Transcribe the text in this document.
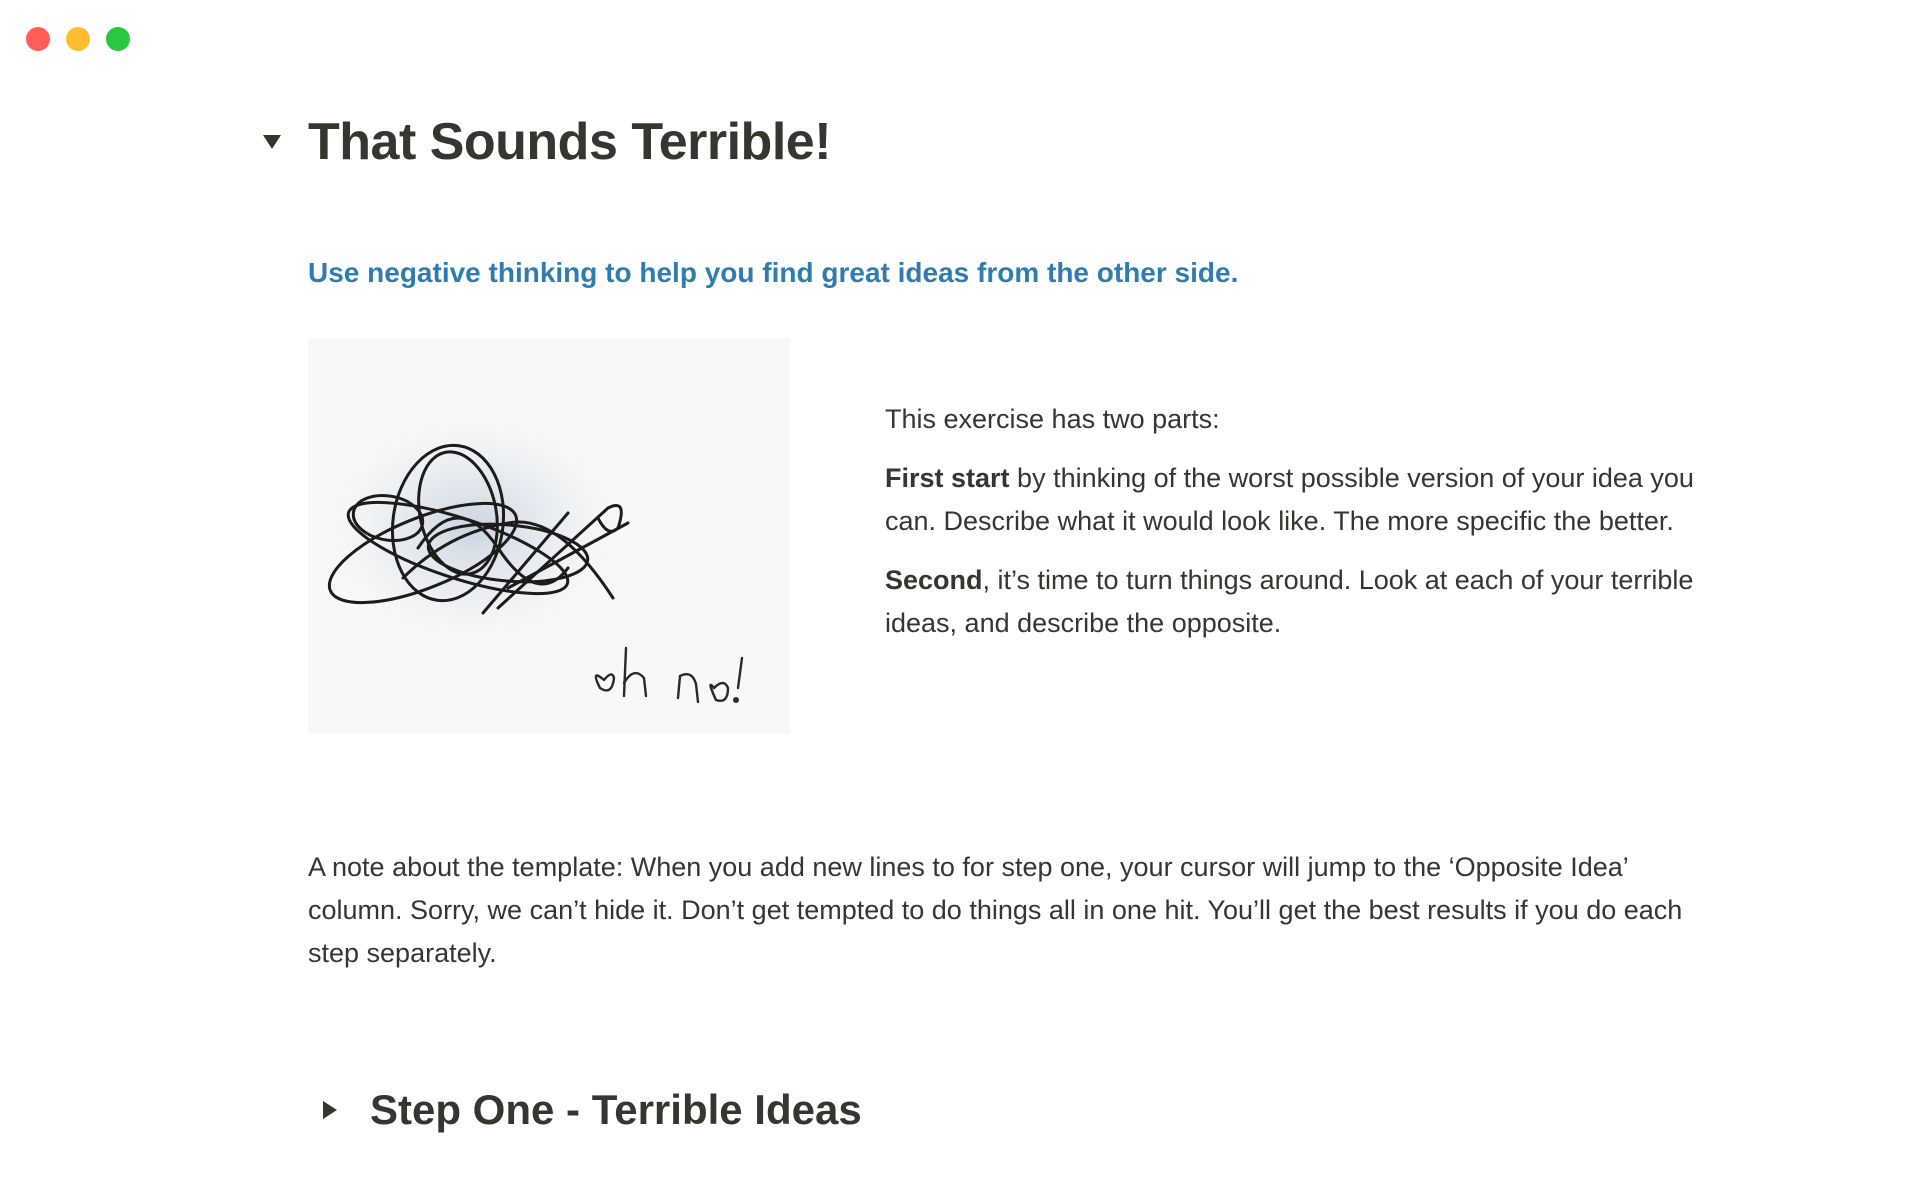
That Sounds Terrible!
Use negative thinking to help you find great ideas from the other side.

This exercise has two parts:

First start by thinking of the worst possible version of your idea you can. Describe what it would look like. The more specific the better.

Second, it’s time to turn things around. Look at each of your terrible ideas, and describe the opposite.

A note about the template: When you add new lines to for step one, your cursor will jump to the ‘Opposite Idea’ column. Sorry, we can’t hide it. Don’t get tempted to do things all in one hit. You’ll get the best results if you do each step separately.
Step One - Terrible Ideas
